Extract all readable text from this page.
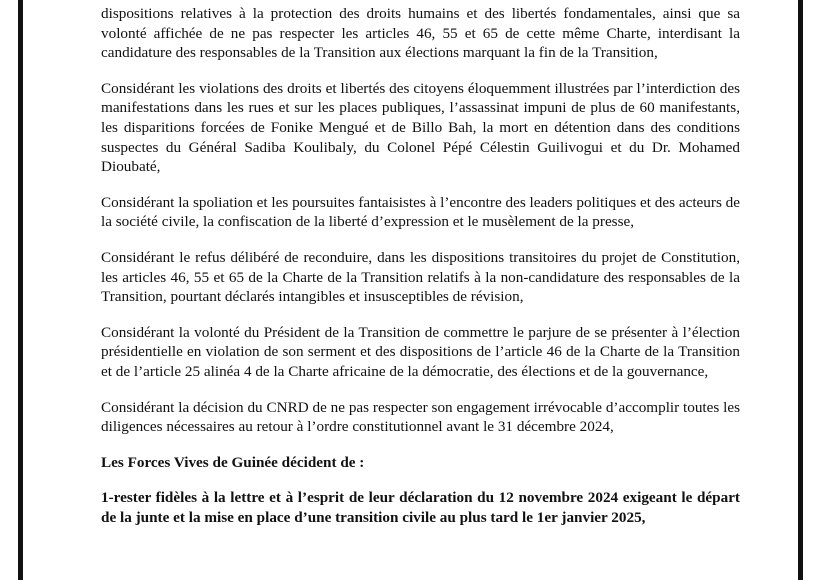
dispositions relatives à la protection des droits humains et des libertés fondamentales, ainsi que sa volonté affichée de ne pas respecter les articles 46, 55 et 65 de cette même Charte, interdisant la candidature des responsables de la Transition aux élections marquant la fin de la Transition,

Considérant les violations des droits et libertés des citoyens éloquemment illustrées par l’interdiction des manifestations dans les rues et sur les places publiques, l’assassinat impuni de plus de 60 manifestants, les disparitions forcées de Fonike Mengué et de Billo Bah, la mort en détention dans des conditions suspectes du Général Sadiba Koulibaly, du Colonel Pépé Célestin Guilivogui et du Dr. Mohamed Dioubaté,

Considérant la spoliation et les poursuites fantaisistes à l’encontre des leaders politiques et des acteurs de la société civile, la confiscation de la liberté d’expression et le musèlement de la presse,

Considérant le refus délibéré de reconduire, dans les dispositions transitoires du projet de Constitution, les articles 46, 55 et 65 de la Charte de la Transition relatifs à la non-candidature des responsables de la Transition, pourtant déclarés intangibles et insusceptibles de révision,

Considérant la volonté du Président de la Transition de commettre le parjure de se présenter à l’élection présidentielle en violation de son serment et des dispositions de l’article 46 de la Charte de la Transition et de l’article 25 alinéa 4 de la Charte africaine de la démocratie, des élections et de la gouvernance,

Considérant la décision du CNRD de ne pas respecter son engagement irrévocable d’accomplir toutes les diligences nécessaires au retour à l’ordre constitutionnel avant le 31 décembre 2024,

Les Forces Vives de Guinée décident de :

1-rester fidèles à la lettre et à l’esprit de leur déclaration du 12 novembre 2024 exigeant le départ de la junte et la mise en place d’une transition civile au plus tard le 1er janvier 2025,
